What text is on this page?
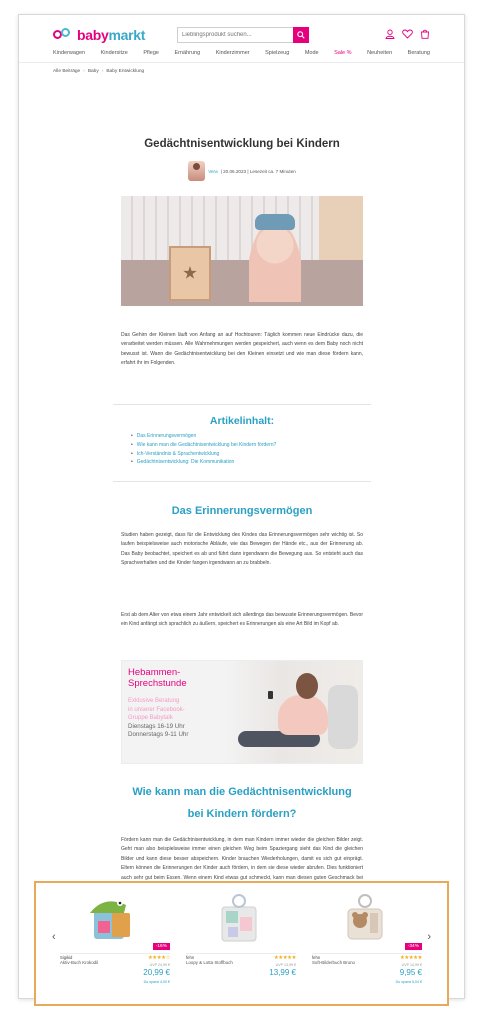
babymarkt
Lieblingsprodukt suchen...
Kinderwagen	Kindersitze	Pflege	Ernährung	Kinderzimmer	Spielzeug	Mode	Sale %	Neuheiten	Beratung
Alle Beiträge › Baby › Baby Entwicklung
Gedächtnisentwicklung bei Kindern
Vera | 20.06.2023 | Lesezeit ca. 7 Minuten

Das Gehirn der Kleinen läuft von Anfang an auf Hochtouren: Täglich kommen neue Eindrücke dazu, die verarbeitet werden müssen. Alle Wahrnehmungen werden gespeichert, auch wenn es dem Baby noch nicht bewusst ist. Wann die Gedächtnisentwicklung bei den Kleinen einsetzt und wie man diese fördern kann, erfahrt ihr im Folgenden.

Artikelinhalt:
• Das Erinnerungsvermögen
• Wie kann man die Gedächtnisentwicklung bei Kindern fördern?
• Ich-Verständnis & Sprachentwicklung
• Gedächtnisentwicklung: Die Kommunikation
Das Erinnerungsvermögen

Studien haben gezeigt, dass für die Entwicklung des Kindes das Erinnerungsvermögen sehr wichtig ist. So laufen beispielsweise auch motorische Abläufe, wie das Bewegen der Hände etc., aus der Erinnerung ab. Das Baby beobachtet, speichert es ab und führt dann irgendwann die Bewegung aus. So entsteht auch das Sprachverhalten und die Kinder fangen irgendwann an zu brabbeln.

Erst ab dem Alter von etwa einem Jahr entwickelt sich allerdings das bewusste Erinnerungsvermögen. Bevor ein Kind anfängt sich sprachlich zu äußern, speichert es Erinnerungen als eine Art Bild im Kopf ab.

Hebammen-
Sprechstunde
Exklusive Beratung
in unserer Facebook-
Gruppe Babytalk
Dienstags 16-19 Uhr
Donnerstags 9-11 Uhr
Wie kann man die Gedächtnisentwicklung
bei Kindern fördern?

Fördern kann man die Gedächtnisentwicklung, in dem man Kindern immer wieder die gleichen Bilder zeigt. Geht man also beispielsweise immer einen gleichen Weg beim Spaziergang sieht das Kind die gleichen Bilder und kann diese besser abspeichern. Kinder brauchen Wiederholungen, damit es sich gut einprägt. Eltern können die Erinnerungen der Kinder auch fördern, in dem sie diese wieder abrufen. Dies funktioniert auch sehr gut beim Essen. Wenn einem Kind etwas gut schmeckt, kann man diesen guten Geschmack bei

‹	›
-16%
Sigikid
Aktiv-Buch Krokodil
★★★★☆
UVP 24,99 €
20,99 €
Du sparst 4,00 €
fehn
Loopy & Lotta Stoffbuch
★★★★★
UVP 13,99 €
13,99 €
-34%
fehn
Soft-Bilderbuch Bruno
★★★★★
UVP 14,99 €
9,95 €
Du sparst 5,04 €
